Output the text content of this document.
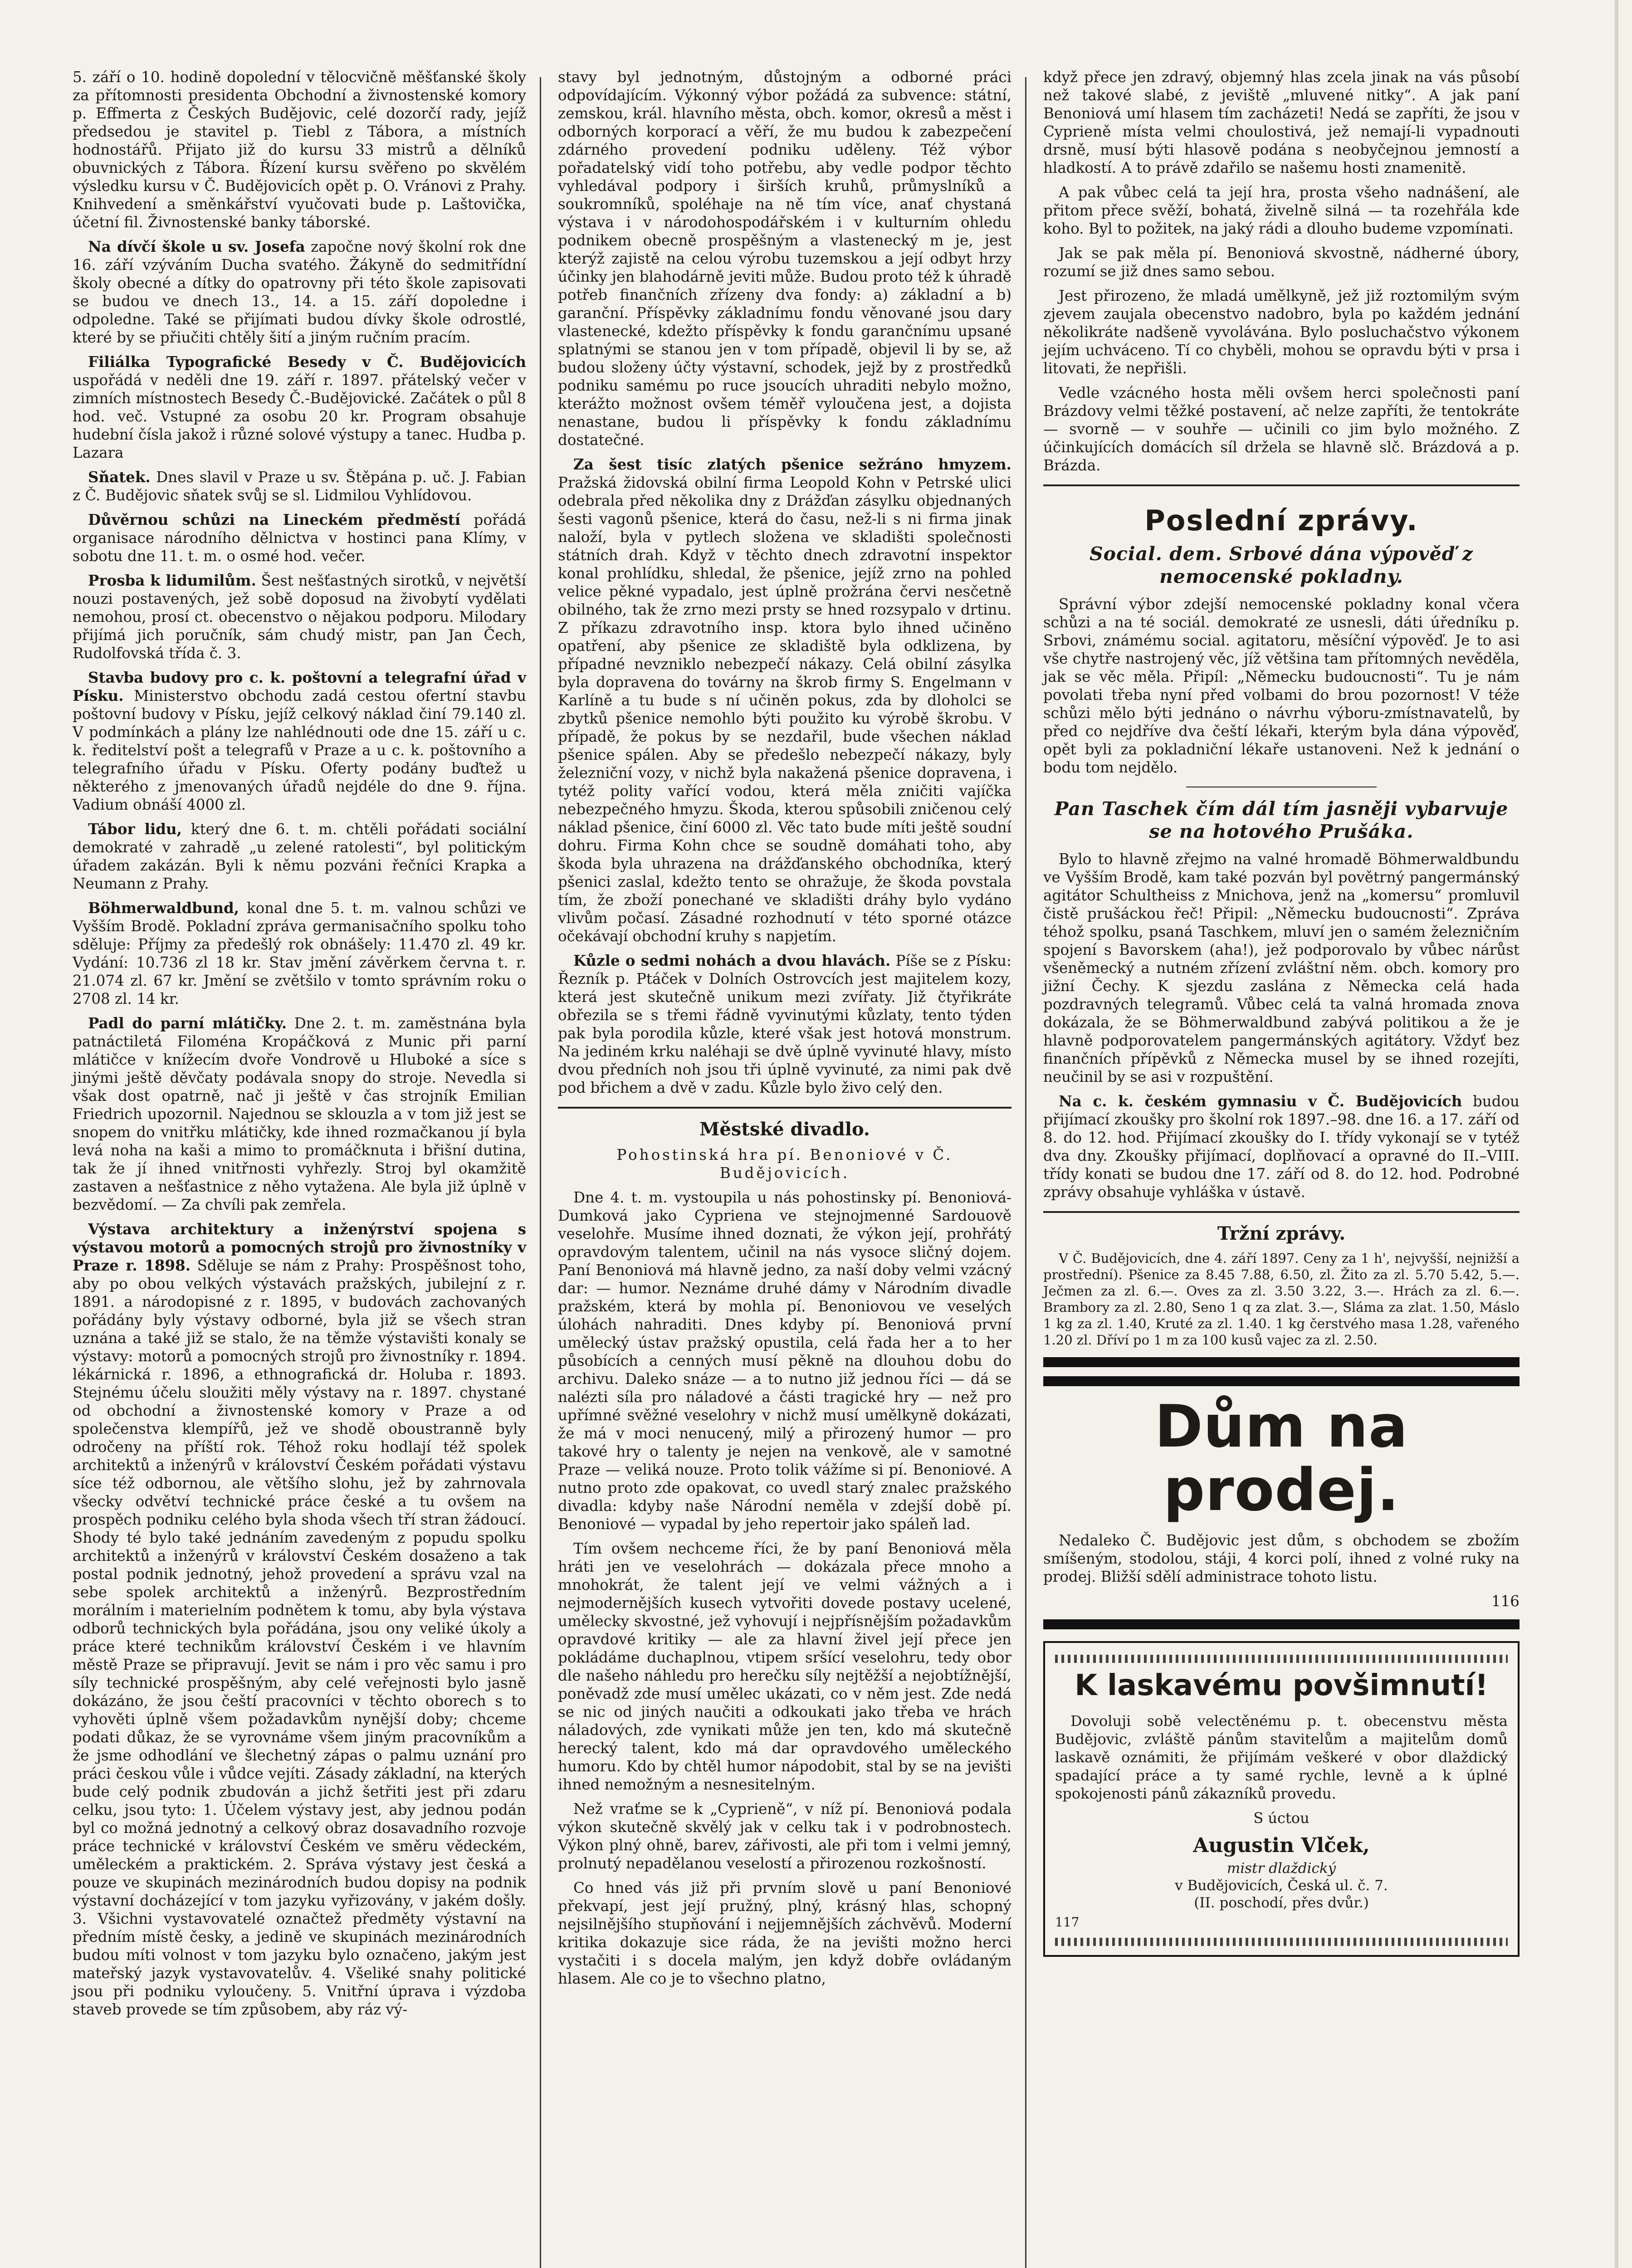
5. září o 10. hodině dopolední v tělocvičně měšťanské školy za přítomnosti presidenta Obchodní a živnostenské komory p. Effmerta z Českých Budějovic, celé dozorčí rady, jejíž předsedou je stavitel p. Tiebl z Tábora, a místních hodnostářů. Přijato již do kursu 33 mistrů a dělníků obuvnických z Tábora. Řízení kursu svěřeno po skvělém výsledku kursu v Č. Budějovicích opět p. O. Vránovi z Prahy. Knihvedení a směnkářství vyučovati bude p. Laštovička, účetní fil. Živnostenské banky táborské.

Na dívčí škole u sv. Josefa započne nový školní rok dne 16. září vzýváním Ducha svatého. Žákyně do sedmitřídní školy obecné a dítky do opatrovny při této škole zapisovati se budou ve dnech 13., 14. a 15. září dopoledne i odpoledne. Také se přijímati budou dívky škole odrostlé, které by se přiučiti chtěly šití a jiným ručním pracím.

Filiálka Typografické Besedy v Č. Budějovicích uspořádá v neděli dne 19. září r. 1897. přátelský večer v zimních místnostech Besedy Č.-Budějovické. Začátek o půl 8 hod. več. Vstupné za osobu 20 kr. Program obsahuje hudební čísla jakož i různé solové výstupy a tanec. Hudba p. Lazara

Sňatek. Dnes slavil v Praze u sv. Štěpána p. uč. J. Fabian z Č. Budějovic sňatek svůj se sl. Lidmilou Vyhlídovou.

Důvěrnou schůzi na Lineckém předměstí pořádá organisace národního dělnictva v hostinci pana Klímy, v sobotu dne 11. t. m. o osmé hod. večer.

Prosba k lidumilům. Šest nešťastných sirotků, v největší nouzi postavených, jež sobě doposud na živobytí vydělati nemohou, prosí ct. obecenstvo o nějakou podporu. Milodary přijímá jich poručník, sám chudý mistr, pan Jan Čech, Rudolfovská třída č. 3.

Stavba budovy pro c. k. poštovní a telegrafní úřad v Písku. Ministerstvo obchodu zadá cestou ofertní stavbu poštovní budovy v Písku, jejíž celkový náklad činí 79.140 zl. V podmínkách a plány lze nahlédnouti ode dne 15. září u c. k. ředitelství pošt a telegrafů v Praze a u c. k. poštovního a telegrafního úřadu v Písku. Oferty podány buďtež u některého z jmenovaných úřadů nejdéle do dne 9. října. Vadium obnáší 4000 zl.

Tábor lidu, který dne 6. t. m. chtěli pořádati sociální demokraté v zahradě „u zelené ratolesti“, byl politickým úřadem zakázán. Byli k němu pozváni řečníci Krapka a Neumann z Prahy.

Böhmerwaldbund, konal dne 5. t. m. valnou schůzi ve Vyšším Brodě. Pokladní zpráva germanisačního spolku toho sděluje: Příjmy za předešlý rok obnášely: 11.470 zl. 49 kr. Vydání: 10.736 zl 18 kr. Stav jmění závěrkem června t. r. 21.074 zl. 67 kr. Jmění se zvětšilo v tomto správním roku o 2708 zl. 14 kr.

Padl do parní mlátičky. Dne 2. t. m. zaměstnána byla patnáctiletá Filoména Kropáčková z Munic při parní mlátičce v knížecím dvoře Vondrově u Hluboké a síce s jinými ještě děvčaty podávala snopy do stroje. Nevedla si však dost opatrně, nač ji ještě v čas strojník Emilian Friedrich upozornil. Najednou se sklouzla a v tom již jest se snopem do vnitřku mlátičky, kde ihned rozmačkanou jí byla levá noha na kaši a mimo to promáčknuta i břišní dutina, tak že jí ihned vnitřnosti vyhřezly. Stroj byl okamžitě zastaven a nešťastnice z něho vytažena. Ale byla již úplně v bezvědomí. — Za chvíli pak zemřela.

Výstava architektury a inženýrství spojena s výstavou motorů a pomocných strojů pro živnostníky v Praze r. 1898. Sděluje se nám z Prahy: Prospěšnost toho, aby po obou velkých výstavách pražských, jubilejní z r. 1891. a národopisné z r. 1895, v budovách zachovaných pořádány byly výstavy odborné, byla již se všech stran uznána a také již se stalo, že na těmže výstavišti konaly se výstavy: motorů a pomocných strojů pro živnostníky r. 1894. lékárnická r. 1896, a ethnografická dr. Holuba r. 1893. Stejnému účelu sloužiti měly výstavy na r. 1897. chystané od obchodní a živnostenské komory v Praze a od společenstva klempířů, jež ve shodě oboustranně byly odročeny na příští rok. Téhož roku hodlají též spolek architektů a inženýrů v království Českém pořádati výstavu síce též odbornou, ale většího slohu, jež by zahrnovala všecky odvětví technické práce české a tu ovšem na prospěch podniku celého byla shoda všech tří stran žádoucí. Shody té bylo také jednáním zavedeným z popudu spolku architektů a inženýrů v království Českém dosaženo a tak postal podnik jednotný, jehož provedení a správu vzal na sebe spolek architektů a inženýrů. Bezprostředním morálním i materielním podnětem k tomu, aby byla výstava odborů technických byla pořádána, jsou ony veliké úkoly a práce které technikům království Českém i ve hlavním městě Praze se připravují. Jevit se nám i pro věc samu i pro síly technické prospěšným, aby celé veřejnosti bylo jasně dokázáno, že jsou čeští pracovníci v těchto oborech s to vyhověti úplně všem požadavkům nynější doby; chceme podati důkaz, že se vyrovnáme všem jiným pracovníkům a že jsme odhodlání ve šlechetný zápas o palmu uznání pro práci českou vůle i vůdce vejíti. Zásady základní, na kterých bude celý podnik zbudován a jichž šetřiti jest při zdaru celku, jsou tyto: 1. Účelem výstavy jest, aby jednou podán byl co možná jednotný a celkový obraz dosavadního rozvoje práce technické v království Českém ve směru vědeckém, uměleckém a praktickém. 2. Správa výstavy jest česká a pouze ve skupinách mezinárodních budou dopisy na podnik výstavní docházející v tom jazyku vyřizovány, v jakém došly. 3. Všichni vystavovatelé označtež předměty výstavní na předním místě česky, a jedině ve skupinách mezinárodních budou míti volnost v tom jazyku bylo označeno, jakým jest mateřský jazyk vystavovatelův. 4. Všeliké snahy politické jsou při podniku vyloučeny. 5. Vnitřní úprava i výzdoba staveb provede se tím způsobem, aby ráz vý-

stavy byl jednotným, důstojným a odborné práci odpovídajícím. Výkonný výbor požádá za subvence: státní, zemskou, král. hlavního města, obch. komor, okresů a měst i odborných korporací a věří, že mu budou k zabezpečení zdárného provedení podniku uděleny. Též výbor pořadatelský vidí toho potřebu, aby vedle podpor těchto vyhledával podpory i širších kruhů, průmyslníků a soukromníků, spoléhaje na ně tím více, anať chystaná výstava i v národohospodářském i v kulturním ohledu podnikem obecně prospěšným a vlastenecký m je, jest kterýž zajistě na celou výrobu tuzemskou a její odbyt hrzy účinky jen blahodárně jeviti může. Budou proto též k úhradě potřeb finančních zřízeny dva fondy: a) základní a b) garanční. Příspěvky základnímu fondu věnované jsou dary vlastenecké, kdežto příspěvky k fondu garančnímu upsané splatnými se stanou jen v tom případě, objevil li by se, až budou složeny účty výstavní, schodek, jejž by z prostředků podniku samému po ruce jsoucích uhraditi nebylo možno, kterážto možnost ovšem téměř vyloučena jest, a dojista nenastane, budou li příspěvky k fondu základnímu dostatečné.

Za šest tisíc zlatých pšenice sežráno hmyzem. Pražská židovská obilní firma Leopold Kohn v Petrské ulici odebrala před několika dny z Drážďan zásylku objednaných šesti vagonů pšenice, která do času, než-li s ni firma jinak naloží, byla v pytlech složena ve skladišti společnosti státních drah. Když v těchto dnech zdravotní inspektor konal prohlídku, shledal, že pšenice, jejíž zrno na pohled velice pěkné vypadalo, jest úplně prožrána červi nesčetně obilného, tak že zrno mezi prsty se hned rozsypalo v drtinu. Z příkazu zdravotního insp. ktora bylo ihned učiněno opatření, aby pšenice ze skladiště byla odklizena, by případné nevzniklo nebezpečí nákazy. Celá obilní zásylka byla dopravena do továrny na škrob firmy S. Engelmann v Karlíně a tu bude s ní učiněn pokus, zda by dloholci se zbytků pšenice nemohlo býti použito ku výrobě škrobu. V případě, že pokus by se nezdařil, bude všechen náklad pšenice spálen. Aby se předešlo nebezpečí nákazy, byly železniční vozy, v nichž byla nakažená pšenice dopravena, i tytéž polity vařící vodou, která měla zničiti vajíčka nebezpečného hmyzu. Škoda, kterou spůsobili zničenou celý náklad pšenice, činí 6000 zl. Věc tato bude míti ještě soudní dohru. Firma Kohn chce se soudně domáhati toho, aby škoda byla uhrazena na drážďanského obchodníka, který pšenici zaslal, kdežto tento se ohražuje, že škoda povstala tím, že zboží ponechané ve skladišti dráhy bylo vydáno vlivům počasí. Zásadné rozhodnutí v této sporné otázce očekávají obchodní kruhy s napjetím.

Kůzle o sedmi nohách a dvou hlavách. Píše se z Písku: Řezník p. Ptáček v Dolních Ostrovcích jest majitelem kozy, která jest skutečně unikum mezi zvířaty. Již čtyřikráte obřezila se s třemi řádně vyvinutými kůzlaty, tento týden pak byla porodila kůzle, které však jest hotová monstrum. Na jediném krku naléhaji se dvě úplně vyvinuté hlavy, místo dvou předních noh jsou tři úplně vyvinuté, za nimi pak dvě pod břichem a dvě v zadu. Kůzle bylo živo celý den.

Městské divadlo.

Pohostinská hra pí. Benoniové v Č. Budějovicích.

Dne 4. t. m. vystoupila u nás pohostinsky pí. Benoniová-Dumková jako Cypriena ve stejnojmenné Sardouově veselohře. Musíme ihned doznati, že výkon její, prohřátý opravdovým talentem, učinil na nás vysoce sličný dojem. Paní Benoniová má hlavně jedno, za naší doby velmi vzácný dar: — humor. Neznáme druhé dámy v Národním divadle pražském, která by mohla pí. Benoniovou ve veselých úlohách nahraditi. Dnes kdyby pí. Benoniová první umělecký ústav pražský opustila, celá řada her a to her působících a cenných musí pěkně na dlouhou dobu do archivu. Daleko snáze — a to nutno již jednou říci — dá se nalézti síla pro náladové a části tragické hry — než pro upřímné svěžné veselohry v nichž musí umělkyně dokázati, že má v moci nenucený, milý a přirozený humor — pro takové hry o talenty je nejen na venkově, ale v samotné Praze — veliká nouze. Proto tolik vážíme si pí. Benoniové. A nutno proto zde opakovat, co uvedl starý znalec pražského divadla: kdyby naše Národní neměla v zdejší době pí. Benoniové — vypadal by jeho repertoir jako spáleň lad.

Tím ovšem nechceme říci, že by paní Benoniová měla hráti jen ve veselohrách — dokázala přece mnoho a mnohokrát, že talent její ve velmi vážných a i nejmodernějších kusech vytvořiti dovede postavy ucelené, umělecky skvostné, jež vyhovují i nejpřísnějším požadavkům opravdové kritiky — ale za hlavní živel její přece jen pokládáme duchaplnou, vtipem sršící veselohru, tedy obor dle našeho náhledu pro herečku síly nejtěžší a nejobtížnější, poněvadž zde musí umělec ukázati, co v něm jest. Zde nedá se nic od jiných naučiti a odkoukati jako třeba ve hrách náladových, zde vynikati může jen ten, kdo má skutečně herecký talent, kdo má dar opravdového uměleckého humoru. Kdo by chtěl humor nápodobit, stal by se na jevišti ihned nemožným a nesnesitelným.

Než vraťme se k „Cyprieně“, v níž pí. Benoniová podala výkon skutečně skvělý jak v celku tak i v podrobnostech. Výkon plný ohně, barev, zářivosti, ale při tom i velmi jemný, prolnutý nepadělanou veselostí a přirozenou rozkošností.

Co hned vás již při prvním slově u paní Benoniové překvapí, jest její pružný, plný, krásný hlas, schopný nejsilnějšího stupňování i nejjemnějších záchvěvů. Moderní kritika dokazuje sice ráda, že na jevišti možno herci vystačiti i s docela malým, jen když dobře ovládaným hlasem. Ale co je to všechno platno,

když přece jen zdravý, objemný hlas zcela jinak na vás působí než takové slabé, z jeviště „mluvené nitky“. A jak paní Benoniová umí hlasem tím zacházeti! Nedá se zapříti, že jsou v Cyprieně místa velmi choulostivá, jež nemají-li vypadnouti drsně, musí býti hlasově podána s neobyčejnou jemností a hladkostí. A to právě zdařilo se našemu hosti znamenitě.

A pak vůbec celá ta její hra, prosta všeho nadnášení, ale přitom přece svěží, bohatá, živelně silná — ta rozehřála kde koho. Byl to požitek, na jaký rádi a dlouho budeme vzpomínati.

Jak se pak měla pí. Benoniová skvostně, nádherné úbory, rozumí se již dnes samo sebou.

Jest přirozeno, že mladá umělkyně, jež již roztomilým svým zjevem zaujala obecenstvo nadobro, byla po každém jednání několikráte nadšeně vyvolávána. Bylo posluchačstvo výkonem jejím uchváceno. Tí co chyběli, mohou se opravdu býti v prsa i litovati, že nepřišli.

Vedle vzácného hosta měli ovšem herci společnosti paní Brázdovy velmi těžké postavení, ač nelze zapříti, že tentokráte — svorně — v souhře — učinili co jim bylo možného. Z účinkujících domácích síl držela se hlavně slč. Brázdová a p. Brázda.

Poslední zprávy.
Social. dem. Srbové dána výpověď z nemocenské pokladny.

Správní výbor zdejší nemocenské pokladny konal včera schůzi a na té sociál. demokraté ze usnesli, dáti úředníku p. Srbovi, známému social. agitatoru, měsíční výpověď. Je to asi vše chytře nastrojený věc, jíž většina tam přítomných nevěděla, jak se věc měla. Připíl: „Německu budoucnosti“. Tu je nám povolati třeba nyní před volbami do brou pozornost! V téže schůzi mělo býti jednáno o návrhu výboru-zmístnavatelů, by před co nejdříve dva čeští lékaři, kterým byla dána výpověď, opět byli za pokladniční lékaře ustanoveni. Než k jednání o bodu tom nejdělo.

Pan Taschek čím dál tím jasněji vybarvuje se na hotového Prušáka.

Bylo to hlavně zřejmo na valné hromadě Böhmerwaldbundu ve Vyšším Brodě, kam také pozván byl povětrný pangermánský agitátor Schultheiss z Mnichova, jenž na „komersu“ promluvil čistě prušáckou řeč! Připil: „Německu budoucnosti“. Zpráva téhož spolku, psaná Taschkem, mluví jen o samém železničním spojení s Bavorskem (aha!), jež podporovalo by vůbec nárůst všeněmecký a nutném zřízení zvláštní něm. obch. komory pro jižní Čechy. K sjezdu zaslána z Německa celá hada pozdravných telegramů. Vůbec celá ta valná hromada znova dokázala, že se Böhmerwaldbund zabývá politikou a že je hlavně podporovatelem pangermánských agitátory. Vždyť bez finančních přípěvků z Německa musel by se ihned rozejíti, neučinil by se asi v rozpuštění.

Na c. k. českém gymnasiu v Č. Budějovicích budou přijímací zkoušky pro školní rok 1897.–98. dne 16. a 17. září od 8. do 12. hod. Přijímací zkoušky do I. třídy vykonají se v tytéž dva dny. Zkoušky přijímací, doplňovací a opravné do II.–VIII. třídy konati se budou dne 17. září od 8. do 12. hod. Podrobné zprávy obsahuje vyhláška v ústavě.

Tržní zprávy.

V Č. Budějovicích, dne 4. září 1897. Ceny za 1 h', nejvyšší, nejnižší a prostřední). Pšenice za 8.45 7.88, 6.50, zl. Žito za zl. 5.70 5.42, 5.—. Ječmen za zl. 6.—. Oves za zl. 3.50 3.22, 3.—. Hrách za zl. 6.—. Brambory za zl. 2.80, Seno 1 q za zlat. 3.—, Sláma za zlat. 1.50, Máslo 1 kg za zl. 1.40, Kruté za zl. 1.40. 1 kg čerstvého masa 1.28, vařeného 1.20 zl. Dříví po 1 m za 100 kusů vajec za zl. 2.50.

Dům na prodej.

Nedaleko Č. Budějovic jest dům, s obchodem se zbožím smíšeným, stodolou, stáji, 4 korci polí, ihned z volné ruky na prodej. Bližší sdělí administrace tohoto listu.

116

K laskavému povšimnutí!

Dovoluji sobě velectěnému p. t. obecenstvu města Budějovic, zvláště pánům stavitelům a majitelům domů laskavě oznámiti, že přijímám veškeré v obor dlaždický spadající práce a ty samé rychle, levně a k úplné spokojenosti pánů zákazníků provedu.

S úctou

Augustin Vlček,

mistr dlaždický

v Budějovicích, Česká ul. č. 7.

(II. poschodí, přes dvůr.)

117
